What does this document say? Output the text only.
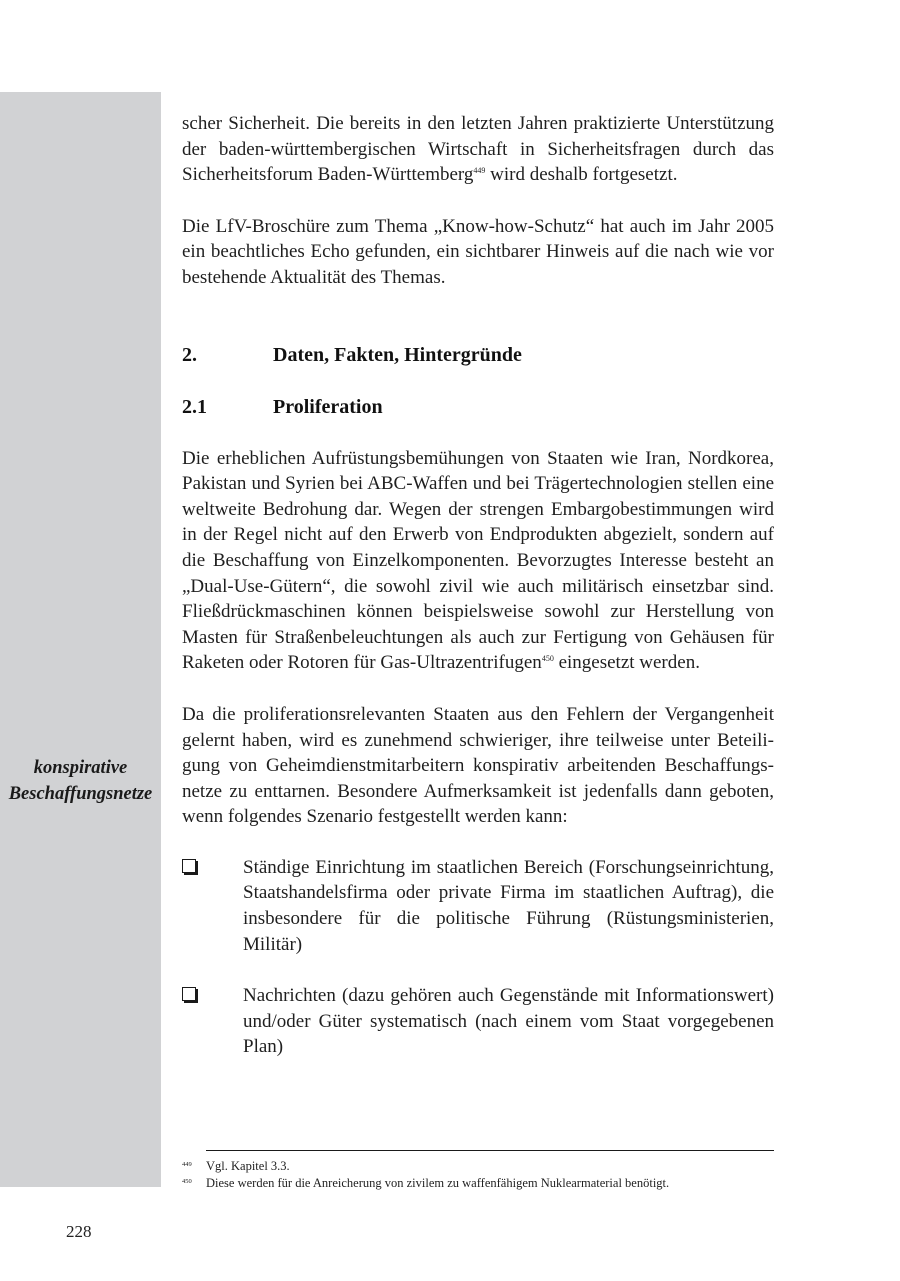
konspirative
Beschaffungsnetze

scher Sicherheit. Die bereits in den letzten Jahren praktizierte Unterstützung der baden-württembergischen Wirtschaft in Sicherheitsfragen durch das Sicherheitsforum Baden-Württemberg$^{449}$ wird deshalb fortgesetzt.

Die LfV-Broschüre zum Thema „Know-how-Schutz“ hat auch im Jahr 2005 ein beachtliches Echo gefunden, ein sichtbarer Hinweis auf die nach wie vor bestehende Aktualität des Themas.

2.	Daten, Fakten, Hintergründe
2.1	Proliferation

Die erheblichen Aufrüstungsbemühungen von Staaten wie Iran, Nordkorea, Pakistan und Syrien bei ABC-Waffen und bei Trägertechnologien stellen eine weltweite Bedrohung dar. Wegen der strengen Embargobestimmungen wird in der Regel nicht auf den Erwerb von Endprodukten abgezielt, sondern auf die Beschaffung von Einzelkomponenten. Bevorzugtes Interesse besteht an „Dual-Use-Gütern“, die sowohl zivil wie auch militärisch einsetzbar sind. Fließdrückmaschinen können beispielsweise sowohl zur Herstellung von Masten für Straßenbeleuchtungen als auch zur Fertigung von Gehäusen für Raketen oder Rotoren für Gas-Ultrazentrifugen$^{450}$ eingesetzt werden.

Da die proliferationsrelevanten Staaten aus den Fehlern der Vergangenheit gelernt haben, wird es zunehmend schwieriger, ihre teilweise unter Beteiligung von Geheimdienstmitarbeitern konspirativ arbeitenden Beschaffungsnetze zu enttarnen. Besondere Aufmerksamkeit ist jedenfalls dann geboten, wenn folgendes Szenario festgestellt werden kann:

Ständige Einrichtung im staatlichen Bereich (Forschungseinrichtung, Staatshandelsfirma oder private Firma im staatlichen Auftrag), die insbesondere für die politische Führung (Rüstungsministerien, Militär)
Nachrichten (dazu gehören auch Gegenstände mit Informationswert) und/oder Güter systematisch (nach einem vom Staat vorgegebenen Plan)
449	Vgl. Kapitel 3.3.
450	Diese werden für die Anreicherung von zivilem zu waffenfähigem Nuklearmaterial benötigt.
228
